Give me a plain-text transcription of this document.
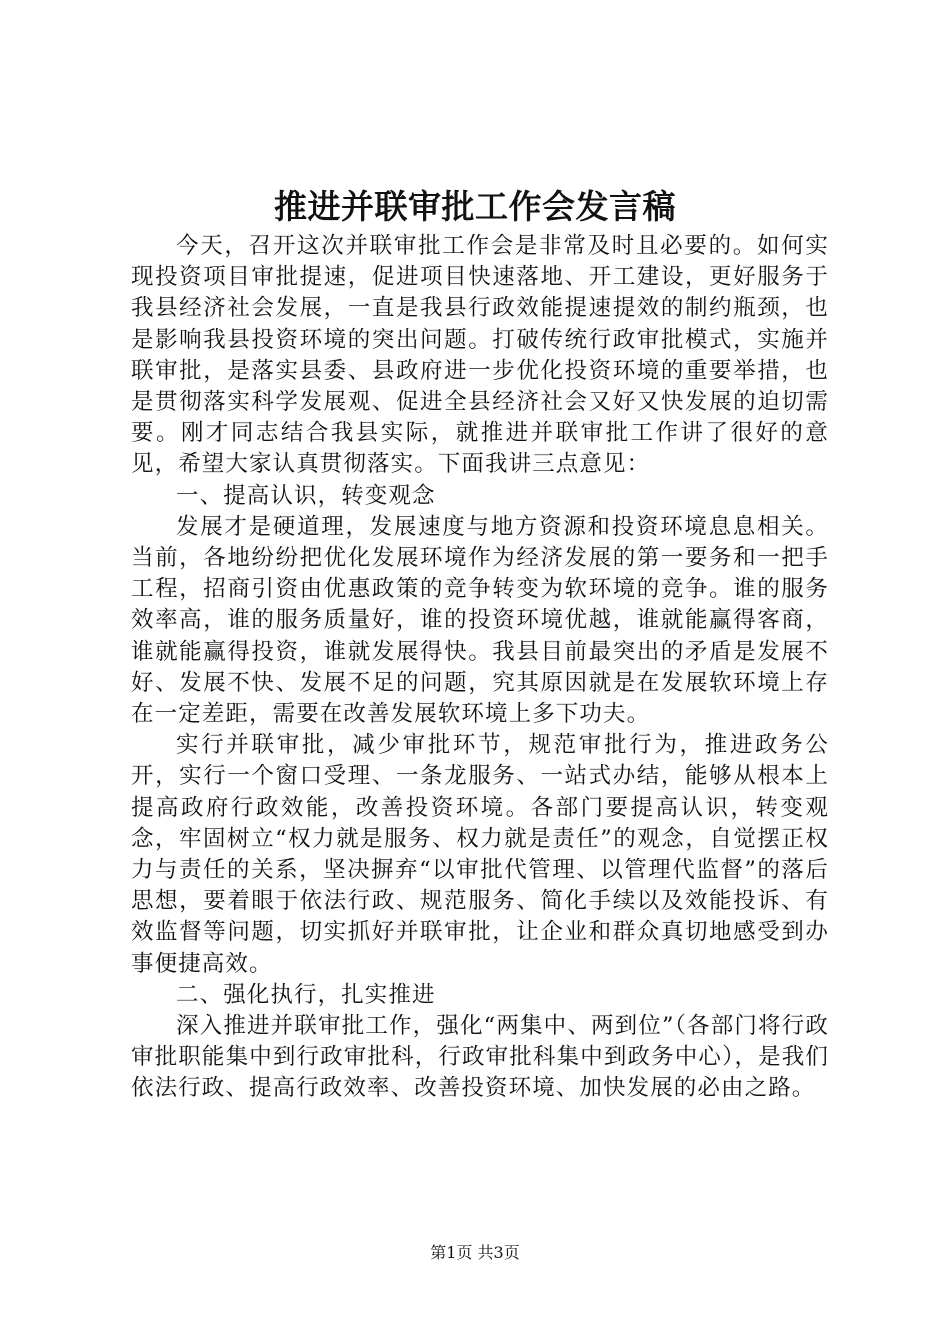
推进并联审批工作会发言稿

今天，召开这次并联审批工作会是非常及时且必要的。如何实现投资项目审批提速，促进项目快速落地、开工建设，更好服务于我县经济社会发展，一直是我县行政效能提速提效的制约瓶颈，也是影响我县投资环境的突出问题。打破传统行政审批模式，实施并联审批，是落实县委、县政府进一步优化投资环境的重要举措，也是贯彻落实科学发展观、促进全县经济社会又好又快发展的迫切需要。刚才同志结合我县实际，就推进并联审批工作讲了很好的意见，希望大家认真贯彻落实。下面我讲三点意见：

一、提高认识，转变观念

发展才是硬道理，发展速度与地方资源和投资环境息息相关。当前，各地纷纷把优化发展环境作为经济发展的第一要务和一把手工程，招商引资由优惠政策的竞争转变为软环境的竞争。谁的服务效率高，谁的服务质量好，谁的投资环境优越，谁就能赢得客商，谁就能赢得投资，谁就发展得快。我县目前最突出的矛盾是发展不好、发展不快、发展不足的问题，究其原因就是在发展软环境上存在一定差距，需要在改善发展软环境上多下功夫。

实行并联审批，减少审批环节，规范审批行为，推进政务公开，实行一个窗口受理、一条龙服务、一站式办结，能够从根本上提高政府行政效能，改善投资环境。各部门要提高认识，转变观念，牢固树立“权力就是服务、权力就是责任”的观念，自觉摆正权力与责任的关系，坚决摒弃“以审批代管理、以管理代监督”的落后思想，要着眼于依法行政、规范服务、简化手续以及效能投诉、有效监督等问题，切实抓好并联审批，让企业和群众真切地感受到办事便捷高效。

二、强化执行，扎实推进

深入推进并联审批工作，强化“两集中、两到位”（各部门将行政审批职能集中到行政审批科，行政审批科集中到政务中心），是我们依法行政、提高行政效率、改善投资环境、加快发展的必由之路。

第1页 共3页
